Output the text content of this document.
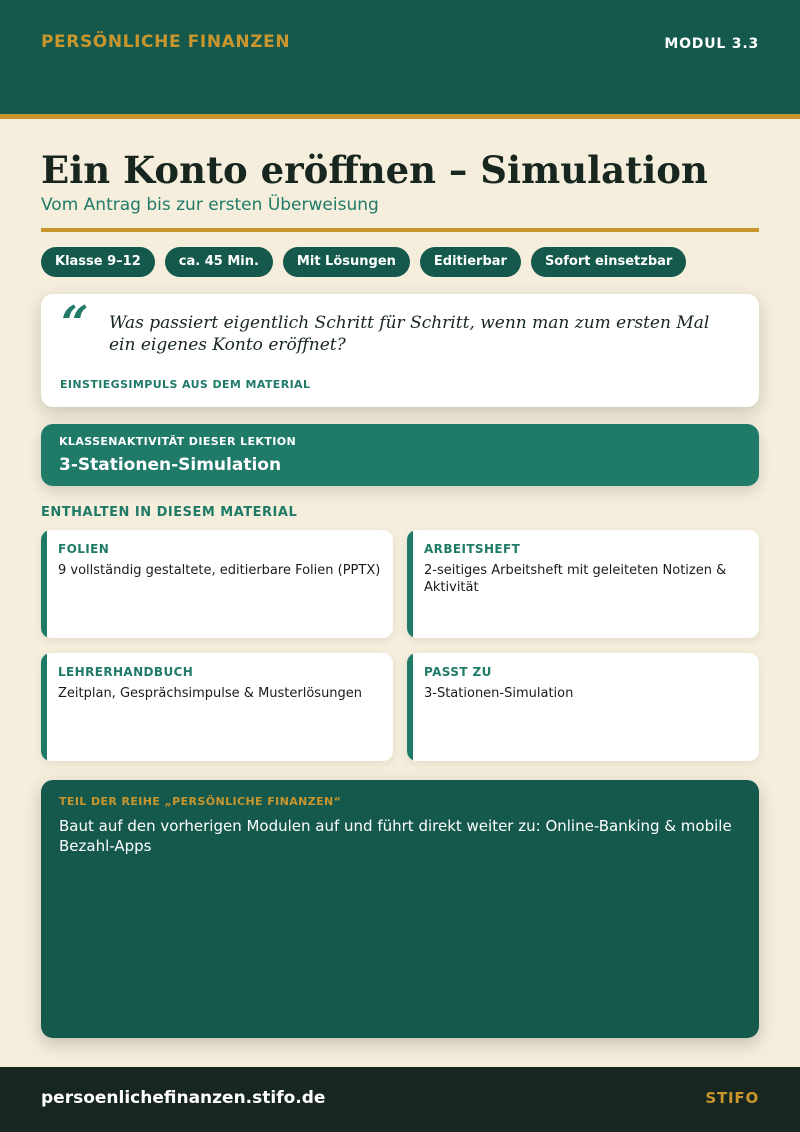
PERSÖNLICHE FINANZEN	MODUL 3.3
Ein Konto eröffnen – Simulation
Vom Antrag bis zur ersten Überweisung
Klasse 9–12	ca. 45 Min.	Mit Lösungen	Editierbar	Sofort einsetzbar
“ Was passiert eigentlich Schritt für Schritt, wenn man zum ersten Mal ein eigenes Konto eröffnet?
EINSTIEGSIMPULS AUS DEM MATERIAL
KLASSENAKTIVITÄT DIESER LEKTION
3-Stationen-Simulation
ENTHALTEN IN DIESEM MATERIAL
FOLIEN
9 vollständig gestaltete, editierbare Folien (PPTX)
ARBEITSHEFT
2-seitiges Arbeitsheft mit geleiteten Notizen & Aktivität
LEHRERHANDBUCH
Zeitplan, Gesprächsimpulse & Musterlösungen
PASST ZU
3-Stationen-Simulation
TEIL DER REIHE „PERSÖNLICHE FINANZEN“
Baut auf den vorherigen Modulen auf und führt direkt weiter zu: Online-Banking & mobile Bezahl-Apps
persoenlichefinanzen.stifo.de	STIFO
